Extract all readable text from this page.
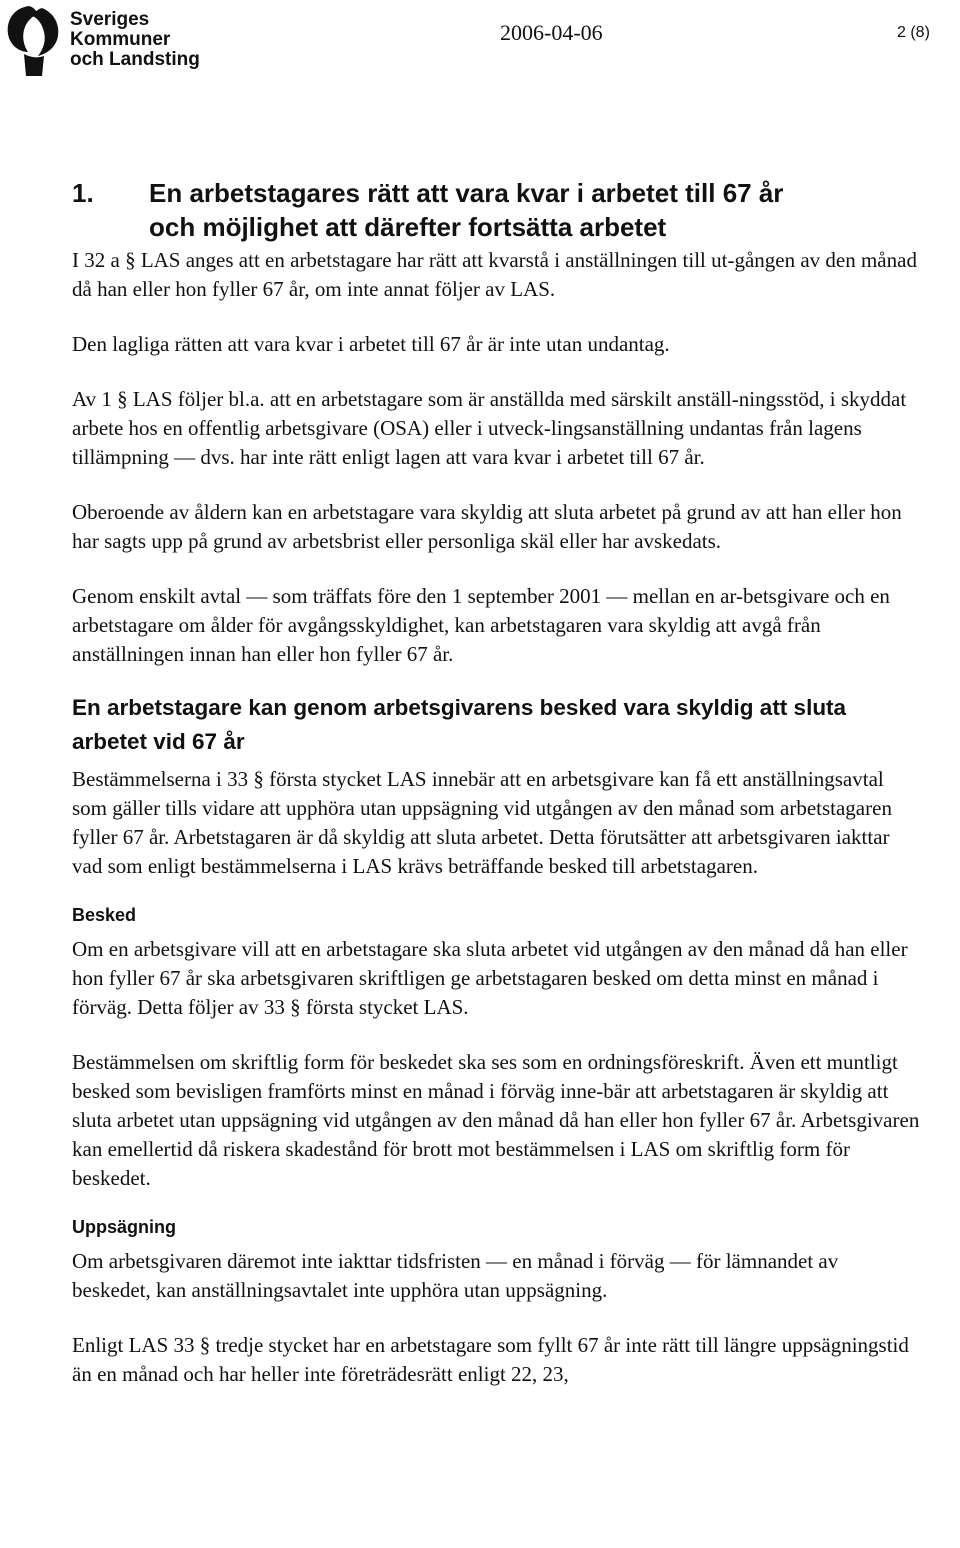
Sveriges
Kommuner
och Landsting
2006-04-06	2 (8)
1. En arbetstagares rätt att vara kvar i arbetet till 67 år
och möjlighet att därefter fortsätta arbetet

I 32 a § LAS anges att en arbetstagare har rätt att kvarstå i anställningen till ut-gången av den månad då han eller hon fyller 67 år, om inte annat följer av LAS.

Den lagliga rätten att vara kvar i arbetet till 67 år är inte utan undantag.

Av 1 § LAS följer bl.a. att en arbetstagare som är anställda med särskilt anställ-ningsstöd, i skyddat arbete hos en offentlig arbetsgivare (OSA) eller i utveck-lingsanställning undantas från lagens tillämpning — dvs. har inte rätt enligt lagen att vara kvar i arbetet till 67 år.

Oberoende av åldern kan en arbetstagare vara skyldig att sluta arbetet på grund av att han eller hon har sagts upp på grund av arbetsbrist eller personliga skäl eller har avskedats.

Genom enskilt avtal — som träffats före den 1 september 2001 — mellan en ar-betsgivare och en arbetstagare om ålder för avgångsskyldighet, kan arbetstagaren vara skyldig att avgå från anställningen innan han eller hon fyller 67 år.

En arbetstagare kan genom arbetsgivarens besked vara skyldig att sluta arbetet vid 67 år

Bestämmelserna i 33 § första stycket LAS innebär att en arbetsgivare kan få ett anställningsavtal som gäller tills vidare att upphöra utan uppsägning vid utgången av den månad som arbetstagaren fyller 67 år. Arbetstagaren är då skyldig att sluta arbetet. Detta förutsätter att arbetsgivaren iakttar vad som enligt bestämmelserna i LAS krävs beträffande besked till arbetstagaren.

Besked

Om en arbetsgivare vill att en arbetstagare ska sluta arbetet vid utgången av den månad då han eller hon fyller 67 år ska arbetsgivaren skriftligen ge arbetstagaren besked om detta minst en månad i förväg. Detta följer av 33 § första stycket LAS.

Bestämmelsen om skriftlig form för beskedet ska ses som en ordningsföreskrift. Även ett muntligt besked som bevisligen framförts minst en månad i förväg inne-bär att arbetstagaren är skyldig att sluta arbetet utan uppsägning vid utgången av den månad då han eller hon fyller 67 år. Arbetsgivaren kan emellertid då riskera skadestånd för brott mot bestämmelsen i LAS om skriftlig form för beskedet.

Uppsägning

Om arbetsgivaren däremot inte iakttar tidsfristen — en månad i förväg — för lämnandet av beskedet, kan anställningsavtalet inte upphöra utan uppsägning.

Enligt LAS 33 § tredje stycket har en arbetstagare som fyllt 67 år inte rätt till längre uppsägningstid än en månad och har heller inte företrädesrätt enligt 22, 23,
